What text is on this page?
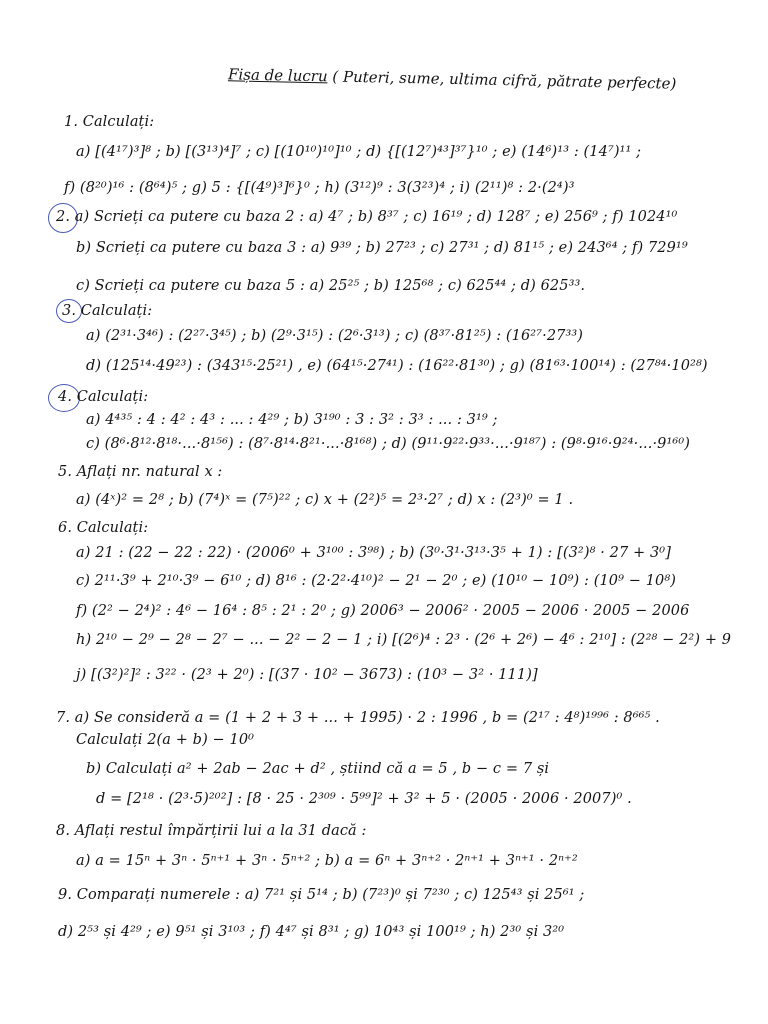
Fișa de lucru ( Puteri, sume, ultima cifră, pătrate perfecte)
1. Calculați:
a) [(4¹⁷)³]⁸ ; b) [(3¹³)⁴]⁷ ; c) [(10¹⁰)¹⁰]¹⁰ ; d) {[(12⁷)⁴³]³⁷}¹⁰ ; e) (14⁶)¹³ : (14⁷)¹¹ ;
f) (8²⁰)¹⁶ : (8⁶⁴)⁵ ; g) 5 : {[(4⁹)³]⁶}⁰ ; h) (3¹²)⁹ : 3(3²³)⁴ ; i) (2¹¹)⁸ : 2·(2⁴)³
2. a) Scrieți ca putere cu baza 2 : a) 4⁷ ; b) 8³⁷ ; c) 16¹⁹ ; d) 128⁷ ; e) 256⁹ ; f) 1024¹⁰
b) Scrieți ca putere cu baza 3 : a) 9³⁹ ; b) 27²³ ; c) 27³¹ ; d) 81¹⁵ ; e) 243⁶⁴ ; f) 729¹⁹
c) Scrieți ca putere cu baza 5 : a) 25²⁵ ; b) 125⁶⁸ ; c) 625⁴⁴ ; d) 625³³.
3. Calculați:
a) (2³¹·3⁴⁶) : (2²⁷·3⁴⁵) ; b) (2⁹·3¹⁵) : (2⁶·3¹³) ; c) (8³⁷·81²⁵) : (16²⁷·27³³)
d) (125¹⁴·49²³) : (343¹⁵·25²¹) , e) (64¹⁵·27⁴¹) : (16²²·81³⁰) ; g) (81⁶³·100¹⁴) : (27⁸⁴·10²⁸)
4. Calculați:
a) 4⁴³⁵ : 4 : 4² : 4³ : ... : 4²⁹ ; b) 3¹⁹⁰ : 3 : 3² : 3³ : ... : 3¹⁹ ;
c) (8⁶·8¹²·8¹⁸·...·8¹⁵⁶) : (8⁷·8¹⁴·8²¹·...·8¹⁶⁸) ; d) (9¹¹·9²²·9³³·...·9¹⁸⁷) : (9⁸·9¹⁶·9²⁴·...·9¹⁶⁰)
5. Aflați nr. natural x :
a) (4ˣ)² = 2⁸ ; b) (7⁴)ˣ = (7⁵)²² ; c) x + (2²)⁵ = 2³·2⁷ ; d) x : (2³)⁰ = 1 .
6. Calculați:
a) 21 : (22 − 22 : 22) · (2006⁰ + 3¹⁰⁰ : 3⁹⁸) ; b) (3⁰·3¹·3¹³·3⁵ + 1) : [(3²)⁸ · 27 + 3⁰]
c) 2¹¹·3⁹ + 2¹⁰·3⁹ − 6¹⁰ ; d) 8¹⁶ : (2·2²·4¹⁰)² − 2¹ − 2⁰ ; e) (10¹⁰ − 10⁹) : (10⁹ − 10⁸)
f) (2² − 2⁴)² : 4⁶ − 16⁴ : 8⁵ : 2¹ : 2⁰ ; g) 2006³ − 2006² · 2005 − 2006 · 2005 − 2006
h) 2¹⁰ − 2⁹ − 2⁸ − 2⁷ − ... − 2² − 2 − 1 ; i) [(2⁶)⁴ : 2³ · (2⁶ + 2⁶) − 4⁶ : 2¹⁰] : (2²⁸ − 2²) + 9
j) [(3²)²]² : 3²² · (2³ + 2⁰) : [(37 · 10² − 3673) : (10³ − 3² · 111)]
7. a) Se consideră a = (1 + 2 + 3 + ... + 1995) · 2 : 1996 , b = (2¹⁷ : 4⁸)¹⁹⁹⁶ : 8⁶⁶⁵ .
Calculați 2(a + b) − 10⁰
b) Calculați a² + 2ab − 2ac + d² , știind că a = 5 , b − c = 7 și
d = [2¹⁸ · (2³·5)²⁰²] : [8 · 25 · 2³⁰⁹ · 5⁹⁹]² + 3² + 5 · (2005 · 2006 · 2007)⁰ .
8. Aflați restul împărțirii lui a la 31 dacă :
a) a = 15ⁿ + 3ⁿ · 5ⁿ⁺¹ + 3ⁿ · 5ⁿ⁺² ; b) a = 6ⁿ + 3ⁿ⁺² · 2ⁿ⁺¹ + 3ⁿ⁺¹ · 2ⁿ⁺²
9. Comparați numerele : a) 7²¹ și 5¹⁴ ; b) (7²³)⁰ și 7²³⁰ ; c) 125⁴³ și 25⁶¹ ;
d) 2⁵³ și 4²⁹ ; e) 9⁵¹ și 3¹⁰³ ; f) 4⁴⁷ și 8³¹ ; g) 10⁴³ și 100¹⁹ ; h) 2³⁰ și 3²⁰
